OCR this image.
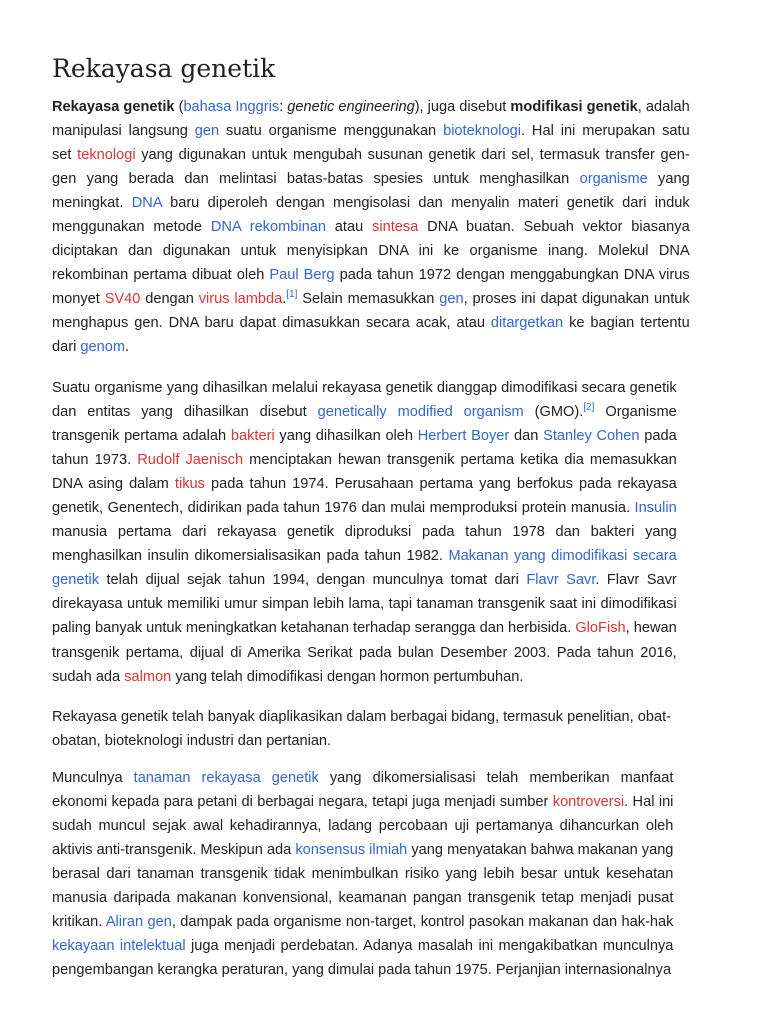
Rekayasa genetik
Rekayasa genetik (bahasa Inggris: genetic engineering), juga disebut modifikasi genetik, adalah
manipulasi langsung gen suatu organisme menggunakan bioteknologi. Hal ini merupakan satu
set teknologi yang digunakan untuk mengubah susunan genetik dari sel, termasuk transfer gen-
gen yang berada dan melintasi batas-batas spesies untuk menghasilkan organisme yang
meningkat. DNA baru diperoleh dengan mengisolasi dan menyalin materi genetik dari induk
menggunakan metode DNA rekombinan atau sintesa DNA buatan. Sebuah vektor biasanya
diciptakan dan digunakan untuk menyisipkan DNA ini ke organisme inang. Molekul DNA
rekombinan pertama dibuat oleh Paul Berg pada tahun 1972 dengan menggabungkan DNA virus
monyet SV40 dengan virus lambda.[1] Selain memasukkan gen, proses ini dapat digunakan untuk
menghapus gen. DNA baru dapat dimasukkan secara acak, atau ditargetkan ke bagian tertentu
dari genom.
Suatu organisme yang dihasilkan melalui rekayasa genetik dianggap dimodifikasi secara genetik
dan entitas yang dihasilkan disebut genetically modified organism (GMO).[2] Organisme
transgenik pertama adalah bakteri yang dihasilkan oleh Herbert Boyer dan Stanley Cohen pada
tahun 1973. Rudolf Jaenisch menciptakan hewan transgenik pertama ketika dia memasukkan
DNA asing dalam tikus pada tahun 1974. Perusahaan pertama yang berfokus pada rekayasa
genetik, Genentech, didirikan pada tahun 1976 dan mulai memproduksi protein manusia. Insulin
manusia pertama dari rekayasa genetik diproduksi pada tahun 1978 dan bakteri yang
menghasilkan insulin dikomersialisasikan pada tahun 1982. Makanan yang dimodifikasi secara
genetik telah dijual sejak tahun 1994, dengan munculnya tomat dari Flavr Savr. Flavr Savr
direkayasa untuk memiliki umur simpan lebih lama, tapi tanaman transgenik saat ini dimodifikasi
paling banyak untuk meningkatkan ketahanan terhadap serangga dan herbisida. GloFish, hewan
transgenik pertama, dijual di Amerika Serikat pada bulan Desember 2003. Pada tahun 2016,
sudah ada salmon yang telah dimodifikasi dengan hormon pertumbuhan.
Rekayasa genetik telah banyak diaplikasikan dalam berbagai bidang, termasuk penelitian, obat-
obatan, bioteknologi industri dan pertanian.
Munculnya tanaman rekayasa genetik yang dikomersialisasi telah memberikan manfaat
ekonomi kepada para petani di berbagai negara, tetapi juga menjadi sumber kontroversi. Hal ini
sudah muncul sejak awal kehadirannya, ladang percobaan uji pertamanya dihancurkan oleh
aktivis anti-transgenik. Meskipun ada konsensus ilmiah yang menyatakan bahwa makanan yang
berasal dari tanaman transgenik tidak menimbulkan risiko yang lebih besar untuk kesehatan
manusia daripada makanan konvensional, keamanan pangan transgenik tetap menjadi pusat
kritikan. Aliran gen, dampak pada organisme non-target, kontrol pasokan makanan dan hak-hak
kekayaan intelektual juga menjadi perdebatan. Adanya masalah ini mengakibatkan munculnya
pengembangan kerangka peraturan, yang dimulai pada tahun 1975. Perjanjian internasionalnya
